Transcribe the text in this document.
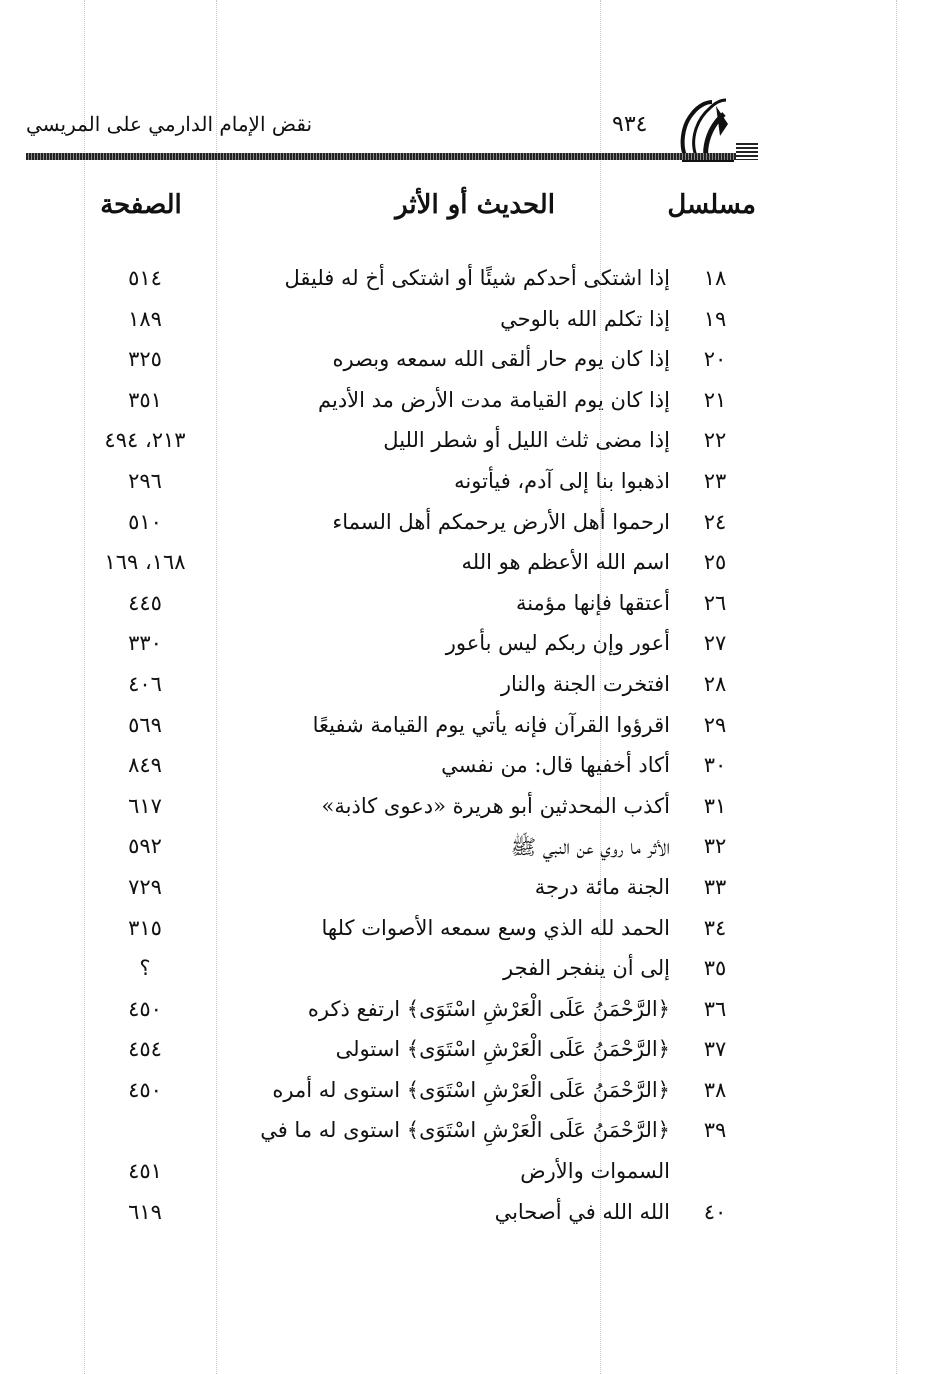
نقض الإمام الدارمي على المريسي	٩٣٤
مسلسل
الحديث أو الأثر
الصفحة
١٨
إذا اشتكى أحدكم شيئًا أو اشتكى أخ له فليقل
٥١٤
١٩
إذا تكلم الله بالوحي
١٨٩
٢٠
إذا كان يوم حار ألقى الله سمعه وبصره
٣٢٥
٢١
إذا كان يوم القيامة مدت الأرض مد الأديم
٣٥١
٢٢
إذا مضى ثلث الليل أو شطر الليل
٢١٣، ٤٩٤
٢٣
اذهبوا بنا إلى آدم، فيأتونه
٢٩٦
٢٤
ارحموا أهل الأرض يرحمكم أهل السماء
٥١٠
٢٥
اسم الله الأعظم هو الله
١٦٨، ١٦٩
٢٦
أعتقها فإنها مؤمنة
٤٤٥
٢٧
أعور وإن ربكم ليس بأعور
٣٣٠
٢٨
افتخرت الجنة والنار
٤٠٦
٢٩
اقرؤوا القرآن فإنه يأتي يوم القيامة شفيعًا
٥٦٩
٣٠
أكاد أخفيها قال: من نفسي
٨٤٩
٣١
أكذب المحدثين أبو هريرة «دعوى كاذبة»
٦١٧
٣٢
الأثر ما روي عن النبي ﷺ
٥٩٢
٣٣
الجنة مائة درجة
٧٢٩
٣٤
الحمد لله الذي وسع سمعه الأصوات كلها
٣١٥
٣٥
إلى أن ينفجر الفجر
؟
٣٦
﴿الرَّحْمَنُ عَلَى الْعَرْشِ اسْتَوَى﴾ ارتفع ذكره
٤٥٠
٣٧
﴿الرَّحْمَنُ عَلَى الْعَرْشِ اسْتَوَى﴾ استولى
٤٥٤
٣٨
﴿الرَّحْمَنُ عَلَى الْعَرْشِ اسْتَوَى﴾ استوى له أمره
٤٥٠
٣٩
﴿الرَّحْمَنُ عَلَى الْعَرْشِ اسْتَوَى﴾ استوى له ما في
السموات والأرض
٤٥١
٤٠
الله الله في أصحابي
٦١٩
